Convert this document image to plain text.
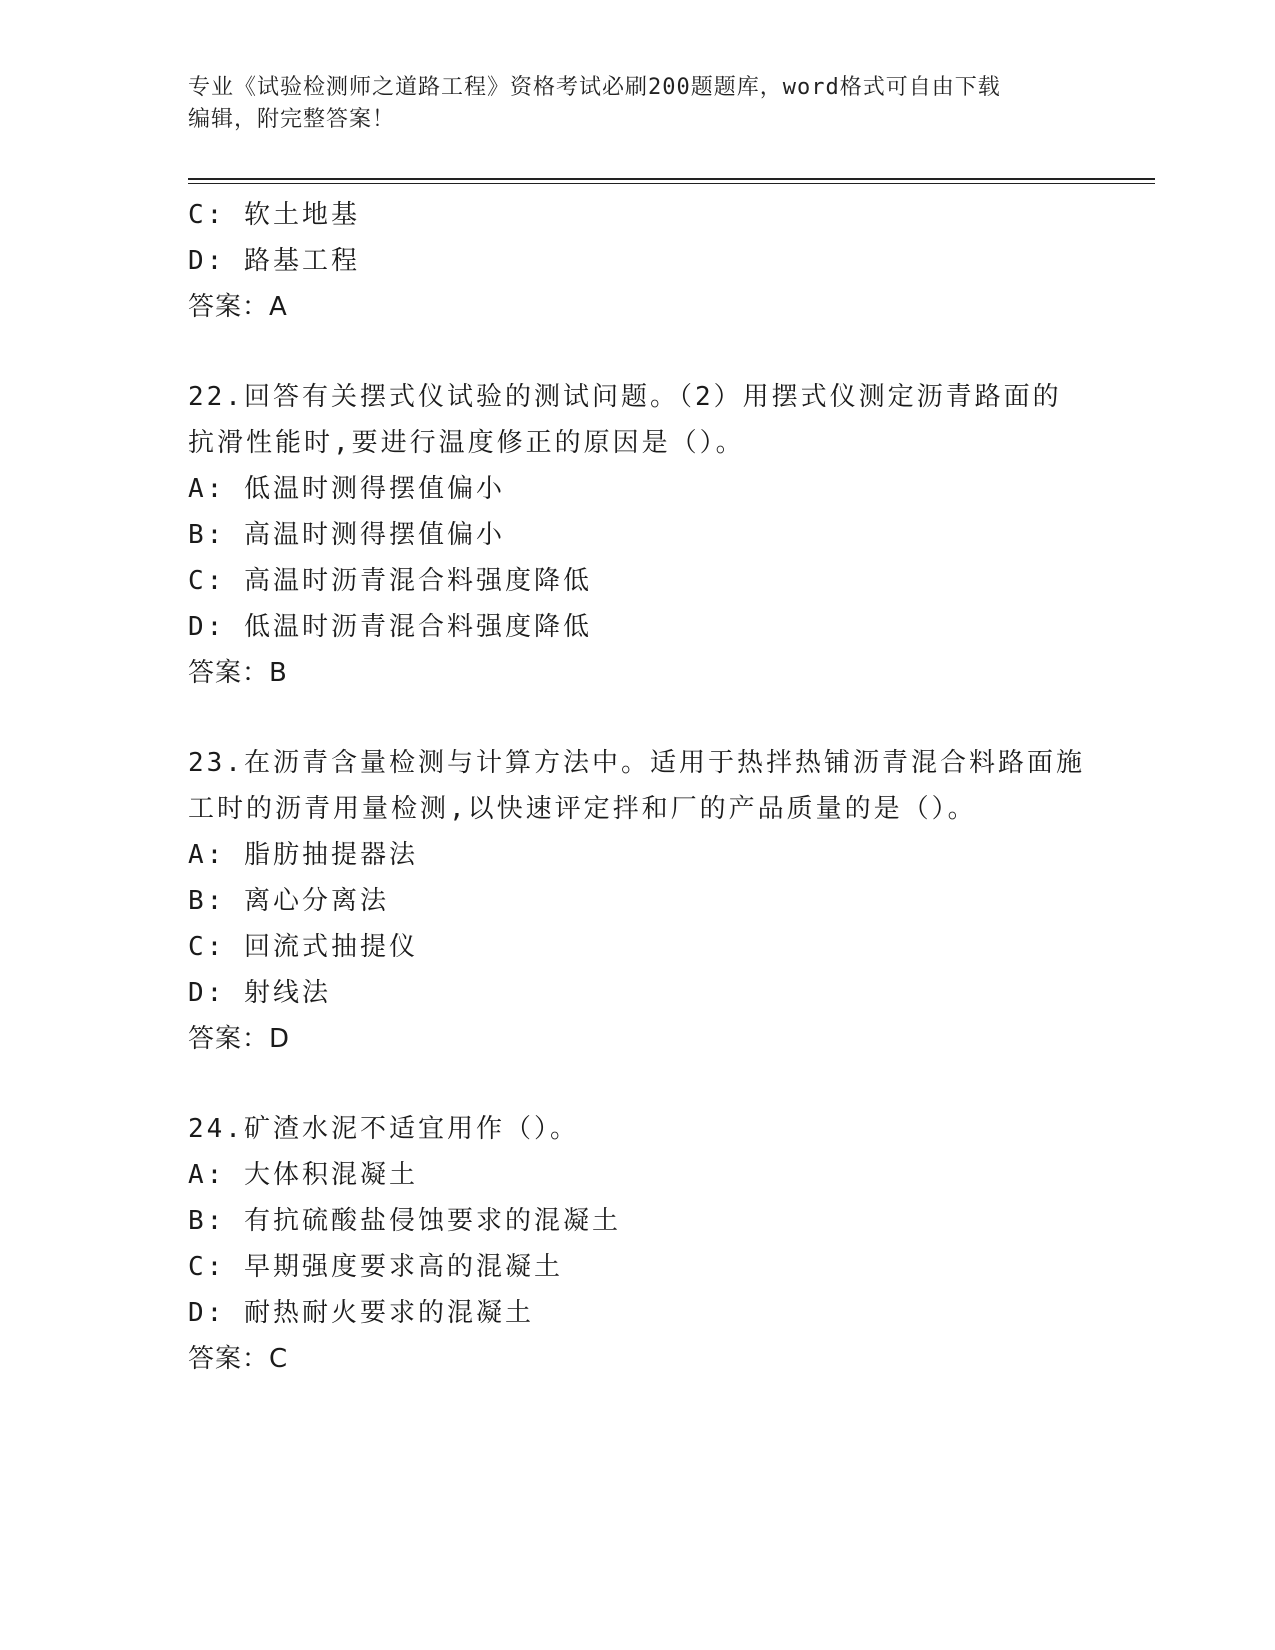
专业《试验检测师之道路工程》资格考试必刷200题题库，word格式可自由下载
编辑，附完整答案！
C: 软土地基
D: 路基工程
答案：A
22.回答有关摆式仪试验的测试问题。（2）用摆式仪测定沥青路面的
抗滑性能时,要进行温度修正的原因是（）。
A: 低温时测得摆值偏小
B: 高温时测得摆值偏小
C: 高温时沥青混合料强度降低
D: 低温时沥青混合料强度降低
答案：B
23.在沥青含量检测与计算方法中。适用于热拌热铺沥青混合料路面施
工时的沥青用量检测,以快速评定拌和厂的产品质量的是（）。
A: 脂肪抽提器法
B: 离心分离法
C: 回流式抽提仪
D: 射线法
答案：D
24.矿渣水泥不适宜用作（）。
A: 大体积混凝土
B: 有抗硫酸盐侵蚀要求的混凝土
C: 早期强度要求高的混凝土
D: 耐热耐火要求的混凝土
答案：C
